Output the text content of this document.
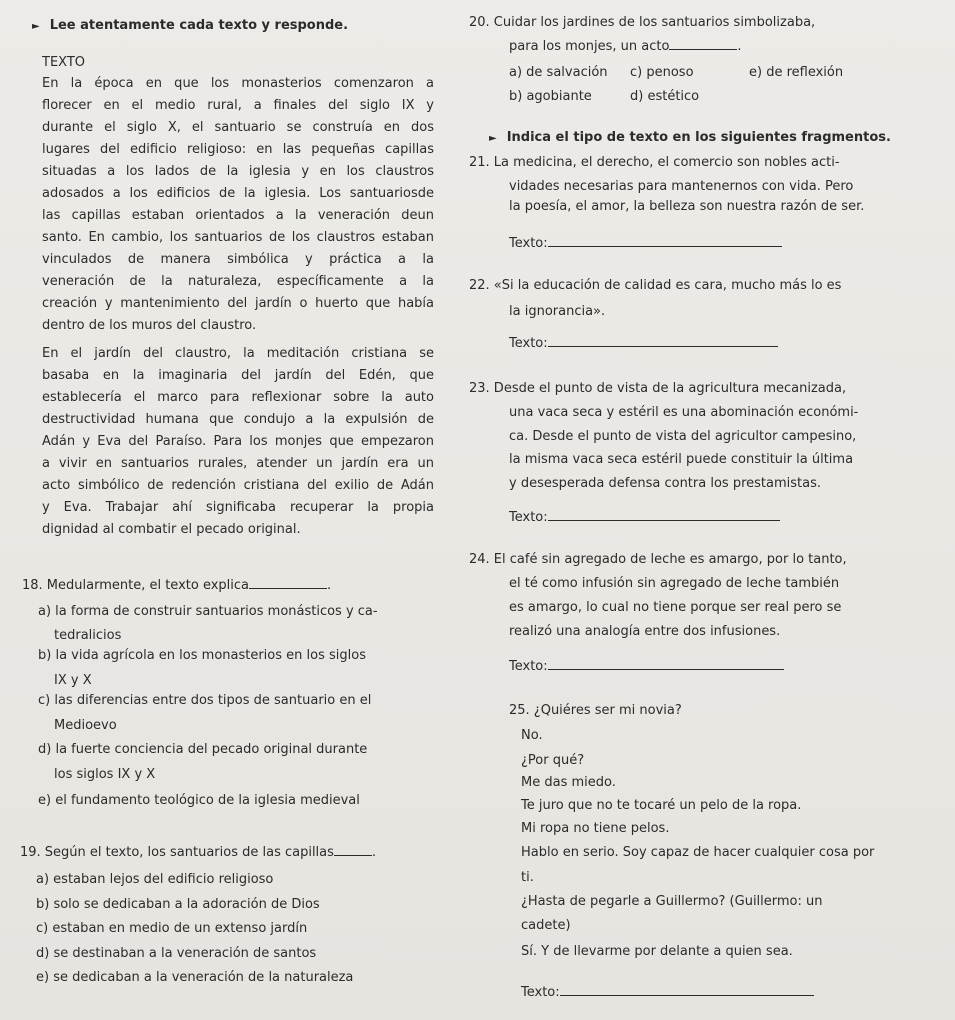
► Lee atentamente cada texto y responde.
TEXTO
En la época en que los monasterios comenzaron a
florecer en el medio rural, a finales del siglo IX y
durante el siglo X, el santuario se construía en dos
lugares del edificio religioso: en las pequeñas capillas
situadas a los lados de la iglesia y en los claustros
adosados a los edificios de la iglesia. Los santuariosde
las capillas estaban orientados a la veneración deun
santo. En cambio, los santuarios de los claustros estaban
vinculados de manera simbólica y práctica a la
veneración de la naturaleza, específicamente a la
creación y mantenimiento del jardín o huerto que había
dentro de los muros del claustro.
En el jardín del claustro, la meditación cristiana se
basaba en la imaginaria del jardín del Edén, que
establecería el marco para reflexionar sobre la auto
destructividad humana que condujo a la expulsión de
Adán y Eva del Paraíso. Para los monjes que empezaron
a vivir en santuarios rurales, atender un jardín era un
acto simbólico de redención cristiana del exilio de Adán
y Eva. Trabajar ahí significaba recuperar la propia
dignidad al combatir el pecado original.
18. Medularmente, el texto explica	.
a) la forma de construir santuarios monásticos y ca-
tedralicios
b) la vida agrícola en los monasterios en los siglos
IX y X
c) las diferencias entre dos tipos de santuario en el
Medioevo
d) la fuerte conciencia del pecado original durante
los siglos IX y X
e) el fundamento teológico de la iglesia medieval
19. Según el texto, los santuarios de las capillas	.
a) estaban lejos del edificio religioso
b) solo se dedicaban a la adoración de Dios
c) estaban en medio de un extenso jardín
d) se destinaban a la veneración de santos
e) se dedicaban a la veneración de la naturaleza
20. Cuidar los jardines de los santuarios simbolizaba,
para los monjes, un acto	.
a) de salvación c) penoso	e) de reflexión
b) agobiante	d) estético
► Indica el tipo de texto en los siguientes fragmentos.
21. La medicina, el derecho, el comercio son nobles acti-
vidades necesarias para mantenernos con vida. Pero
la poesía, el amor, la belleza son nuestra razón de ser.
Texto:
22. «Si la educación de calidad es cara, mucho más lo es
la ignorancia».
Texto:
23. Desde el punto de vista de la agricultura mecanizada,
una vaca seca y estéril es una abominación económi-
ca. Desde el punto de vista del agricultor campesino,
la misma vaca seca estéril puede constituir la última
y desesperada defensa contra los prestamistas.
Texto:
24. El café sin agregado de leche es amargo, por lo tanto,
el té como infusión sin agregado de leche también
es amargo, lo cual no tiene porque ser real pero se
realizó una analogía entre dos infusiones.
Texto:
25. ¿Quiéres ser mi novia?
No.
¿Por qué?
Me das miedo.
Te juro que no te tocaré un pelo de la ropa.
Mi ropa no tiene pelos.
Hablo en serio. Soy capaz de hacer cualquier cosa por
ti.
¿Hasta de pegarle a Guillermo? (Guillermo: un
cadete)
Sí. Y de llevarme por delante a quien sea.
Texto:
